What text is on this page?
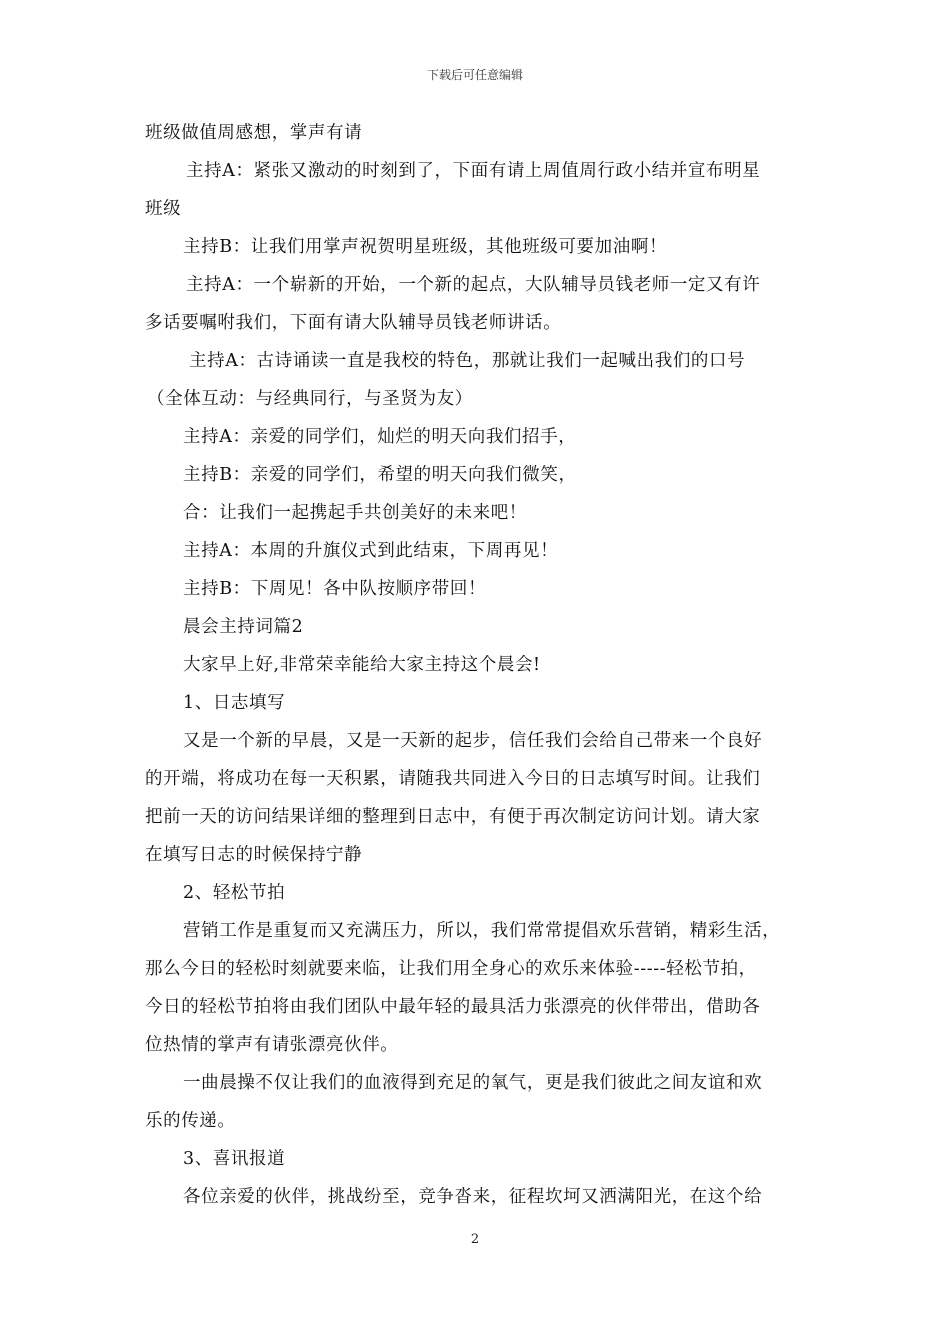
下载后可任意编辑
班级做值周感想，掌声有请
主持A：紧张又激动的时刻到了，下面有请上周值周行政小结并宣布明星
班级
主持B：让我们用掌声祝贺明星班级，其他班级可要加油啊！
主持A：一个崭新的开始，一个新的起点，大队辅导员钱老师一定又有许
多话要嘱咐我们，下面有请大队辅导员钱老师讲话。
主持A：古诗诵读一直是我校的特色，那就让我们一起喊出我们的口号
（全体互动：与经典同行，与圣贤为友）
主持A：亲爱的同学们，灿烂的明天向我们招手，
主持B：亲爱的同学们，希望的明天向我们微笑，
合：让我们一起携起手共创美好的未来吧！
主持A：本周的升旗仪式到此结束，下周再见！
主持B：下周见！各中队按顺序带回！
晨会主持词篇2
大家早上好,非常荣幸能给大家主持这个晨会!
1、日志填写
又是一个新的早晨，又是一天新的起步，信任我们会给自己带来一个良好
的开端，将成功在每一天积累，请随我共同进入今日的日志填写时间。让我们
把前一天的访问结果详细的整理到日志中，有便于再次制定访问计划。请大家
在填写日志的时候保持宁静
2、轻松节拍
营销工作是重复而又充满压力，所以，我们常常提倡欢乐营销，精彩生活，
那么今日的轻松时刻就要来临，让我们用全身心的欢乐来体验-----轻松节拍，
今日的轻松节拍将由我们团队中最年轻的最具活力张漂亮的伙伴带出，借助各
位热情的掌声有请张漂亮伙伴。
一曲晨操不仅让我们的血液得到充足的氧气，更是我们彼此之间友谊和欢
乐的传递。
3、喜讯报道
各位亲爱的伙伴，挑战纷至，竞争沓来，征程坎坷又洒满阳光，在这个给
2
